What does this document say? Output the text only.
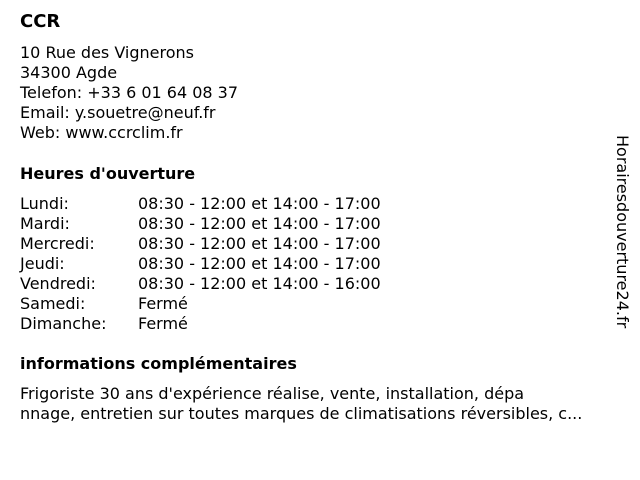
CCR
10 Rue des Vignerons
34300 Agde
Telefon: +33 6 01 64 08 37
Email: y.souetre@neuf.fr
Web: www.ccrclim.fr
Heures d'ouverture
Lundi:	08:30 - 12:00 et 14:00 - 17:00
Mardi:	08:30 - 12:00 et 14:00 - 17:00
Mercredi:	08:30 - 12:00 et 14:00 - 17:00
Jeudi:	08:30 - 12:00 et 14:00 - 17:00
Vendredi:	08:30 - 12:00 et 14:00 - 16:00
Samedi:	Fermé
Dimanche:	Fermé
informations complémentaires
Frigoriste 30 ans d'expérience réalise, vente, installation, dépa
nnage, entretien sur toutes marques de climatisations réversibles, c...
Horairesdouverture24.fr
